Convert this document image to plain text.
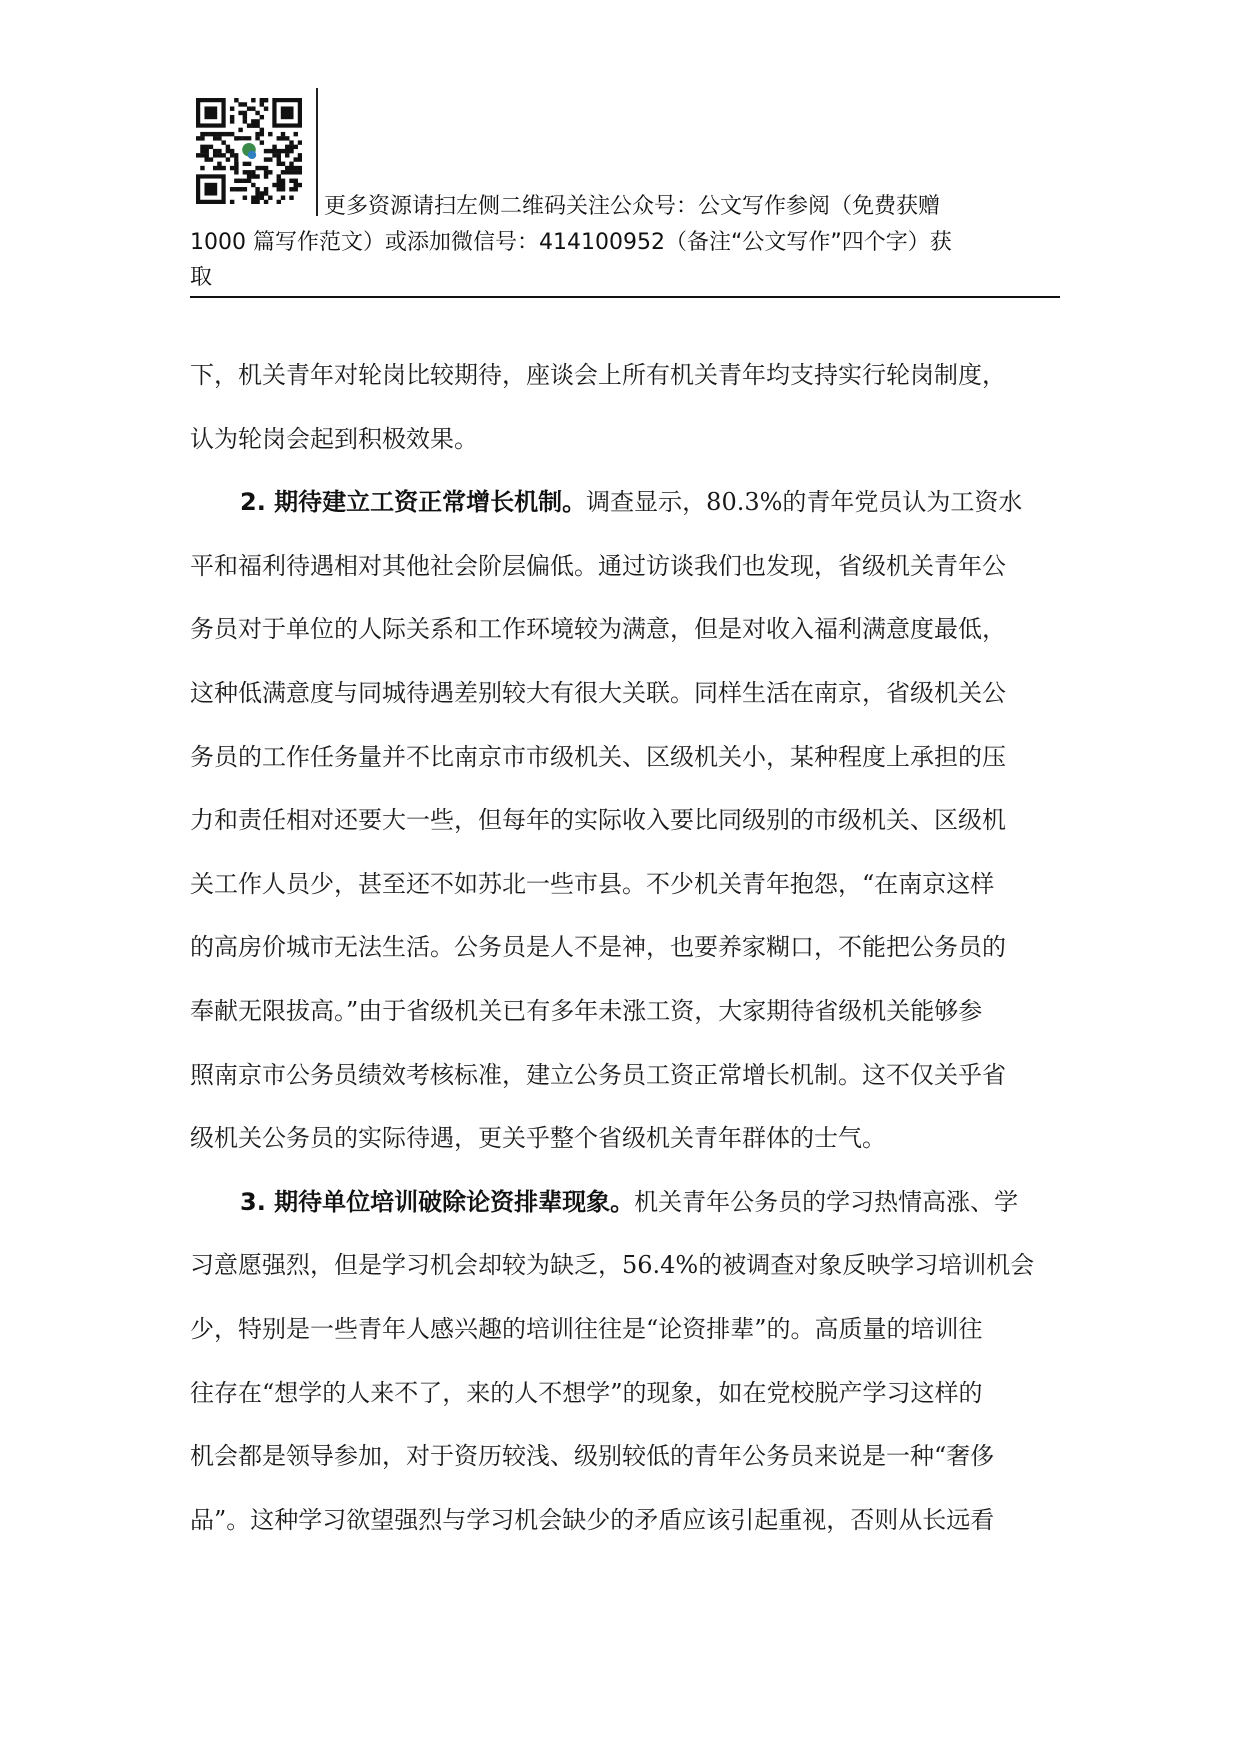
更多资源请扫左侧二维码关注公众号：公文写作参阅（免费获赠
1000 篇写作范文）或添加微信号：414100952（备注“公文写作”四个字）获
取
下，机关青年对轮岗比较期待，座谈会上所有机关青年均支持实行轮岗制度，
认为轮岗会起到积极效果。
2. 期待建立工资正常增长机制。调查显示，80.3%的青年党员认为工资水
平和福利待遇相对其他社会阶层偏低。通过访谈我们也发现，省级机关青年公
务员对于单位的人际关系和工作环境较为满意，但是对收入福利满意度最低，
这种低满意度与同城待遇差别较大有很大关联。同样生活在南京，省级机关公
务员的工作任务量并不比南京市市级机关、区级机关小，某种程度上承担的压
力和责任相对还要大一些，但每年的实际收入要比同级别的市级机关、区级机
关工作人员少，甚至还不如苏北一些市县。不少机关青年抱怨，“在南京这样
的高房价城市无法生活。公务员是人不是神，也要养家糊口，不能把公务员的
奉献无限拔高。”由于省级机关已有多年未涨工资，大家期待省级机关能够参
照南京市公务员绩效考核标准，建立公务员工资正常增长机制。这不仅关乎省
级机关公务员的实际待遇，更关乎整个省级机关青年群体的士气。
3. 期待单位培训破除论资排辈现象。机关青年公务员的学习热情高涨、学
习意愿强烈，但是学习机会却较为缺乏，56.4%的被调查对象反映学习培训机会
少，特别是一些青年人感兴趣的培训往往是“论资排辈”的。高质量的培训往
往存在“想学的人来不了，来的人不想学”的现象，如在党校脱产学习这样的
机会都是领导参加，对于资历较浅、级别较低的青年公务员来说是一种“奢侈
品”。这种学习欲望强烈与学习机会缺少的矛盾应该引起重视，否则从长远看
